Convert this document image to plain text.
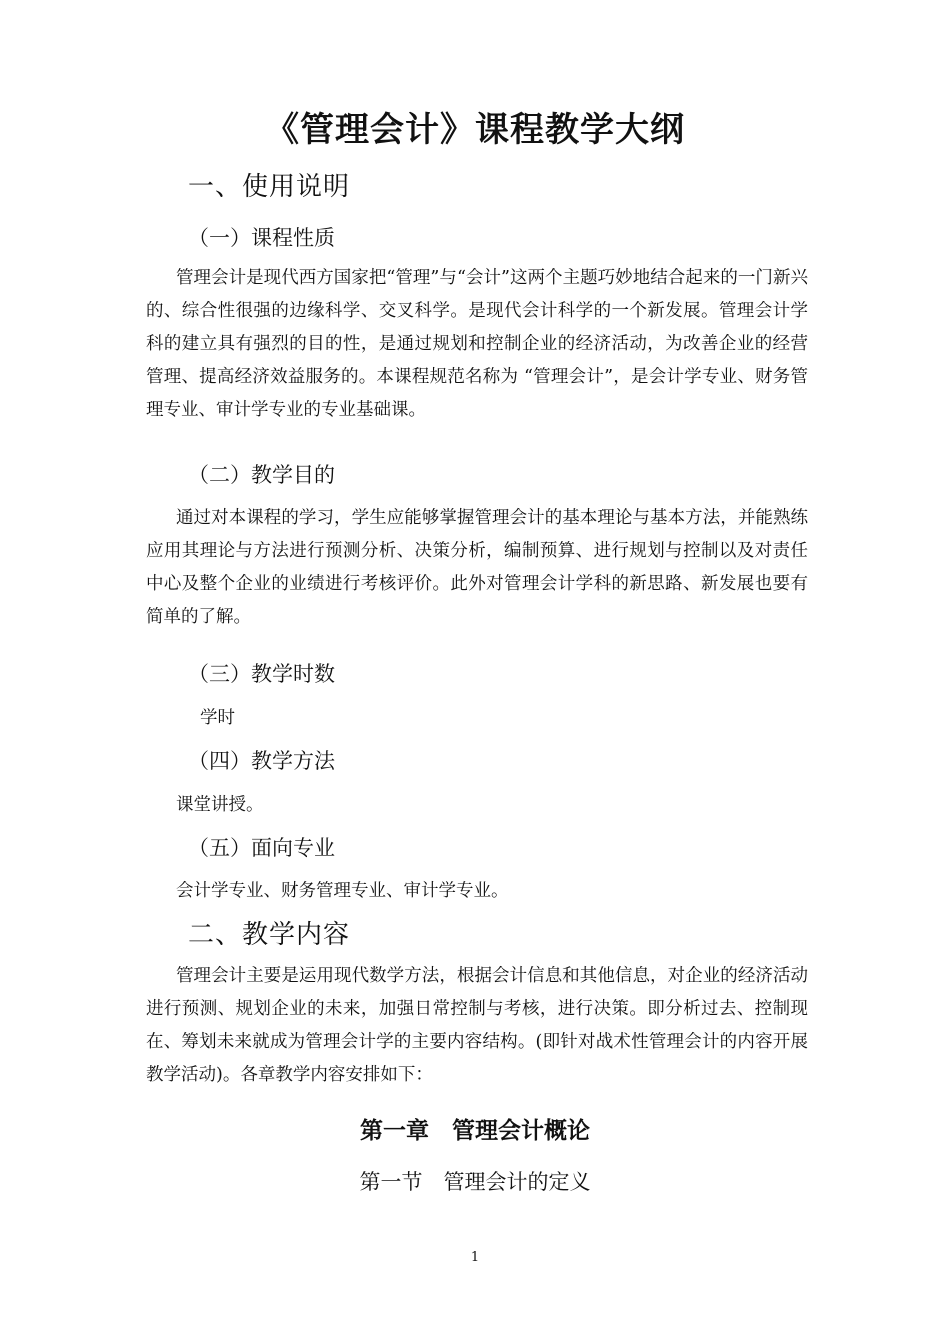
《管理会计》课程教学大纲
一、使用说明
（一）课程性质
管理会计是现代西方国家把“管理”与“会计”这两个主题巧妙地结合起来的一门新兴的、综合性很强的边缘科学、交叉科学。是现代会计科学的一个新发展。管理会计学科的建立具有强烈的目的性，是通过规划和控制企业的经济活动，为改善企业的经营管理、提高经济效益服务的。本课程规范名称为 “管理会计”，是会计学专业、财务管理专业、审计学专业的专业基础课。
（二）教学目的
通过对本课程的学习，学生应能够掌握管理会计的基本理论与基本方法，并能熟练应用其理论与方法进行预测分析、决策分析，编制预算、进行规划与控制以及对责任中心及整个企业的业绩进行考核评价。此外对管理会计学科的新思路、新发展也要有简单的了解。
（三）教学时数
学时
（四）教学方法
课堂讲授。
（五）面向专业
会计学专业、财务管理专业、审计学专业。
二、教学内容
管理会计主要是运用现代数学方法，根据会计信息和其他信息，对企业的经济活动进行预测、规划企业的未来，加强日常控制与考核，进行决策。即分析过去、控制现在、筹划未来就成为管理会计学的主要内容结构。(即针对战术性管理会计的内容开展教学活动)。各章教学内容安排如下：
第一章　管理会计概论
第一节　管理会计的定义
1
